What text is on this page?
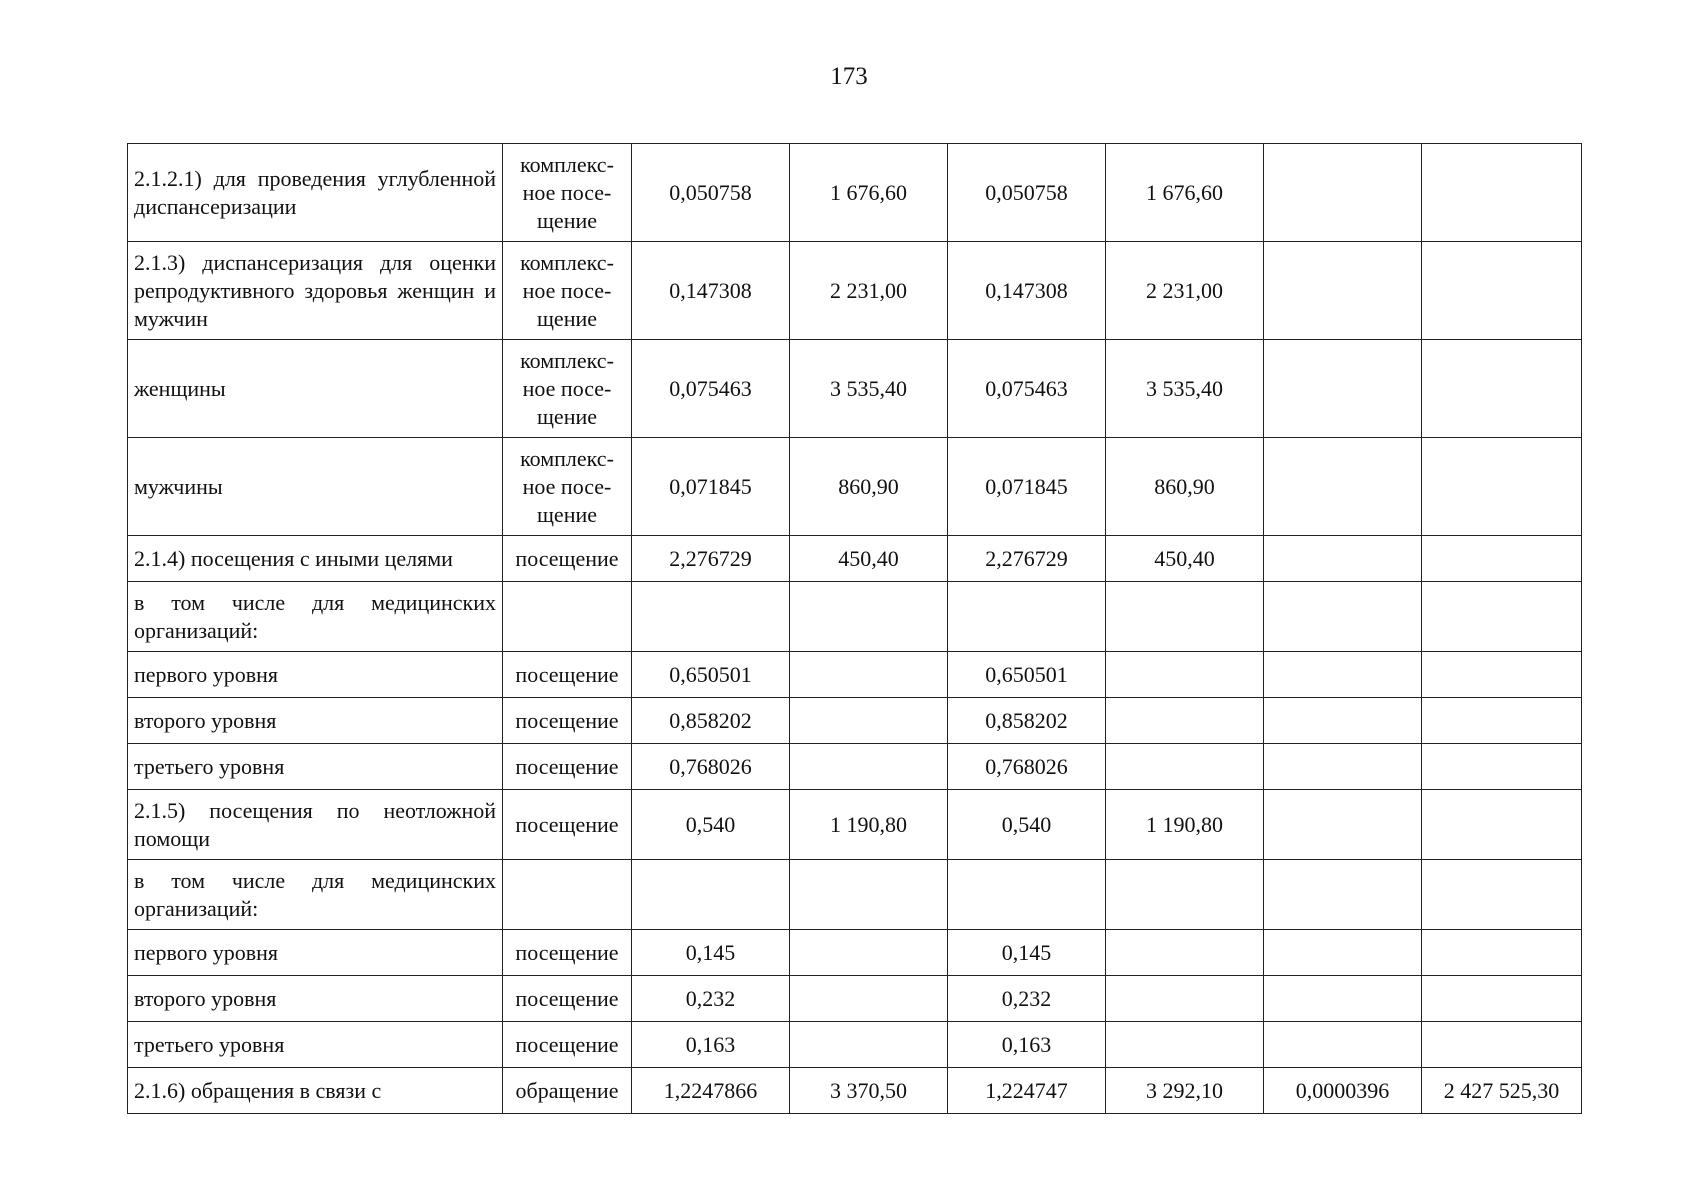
173
2.1.2.1) для проведения углубленной диспансеризации	комплексное посещение	0,050758	1 676,60	0,050758	1 676,60		
2.1.3) диспансеризация для оценки репродуктивного здоровья женщин и мужчин	комплексное посещение	0,147308	2 231,00	0,147308	2 231,00		
женщины	комплексное посещение	0,075463	3 535,40	0,075463	3 535,40		
мужчины	комплексное посещение	0,071845	860,90	0,071845	860,90		
2.1.4) посещения с иными целями	посещение	2,276729	450,40	2,276729	450,40		
в том числе для медицинских организаций:							
первого уровня	посещение	0,650501		0,650501			
второго уровня	посещение	0,858202		0,858202			
третьего уровня	посещение	0,768026		0,768026			
2.1.5) посещения по неотложной помощи	посещение	0,540	1 190,80	0,540	1 190,80		
в том числе для медицинских организаций:							
первого уровня	посещение	0,145		0,145			
второго уровня	посещение	0,232		0,232			
третьего уровня	посещение	0,163		0,163			
2.1.6) обращения в связи с	обращение	1,2247866	3 370,50	1,224747	3 292,10	0,0000396	2 427 525,30
